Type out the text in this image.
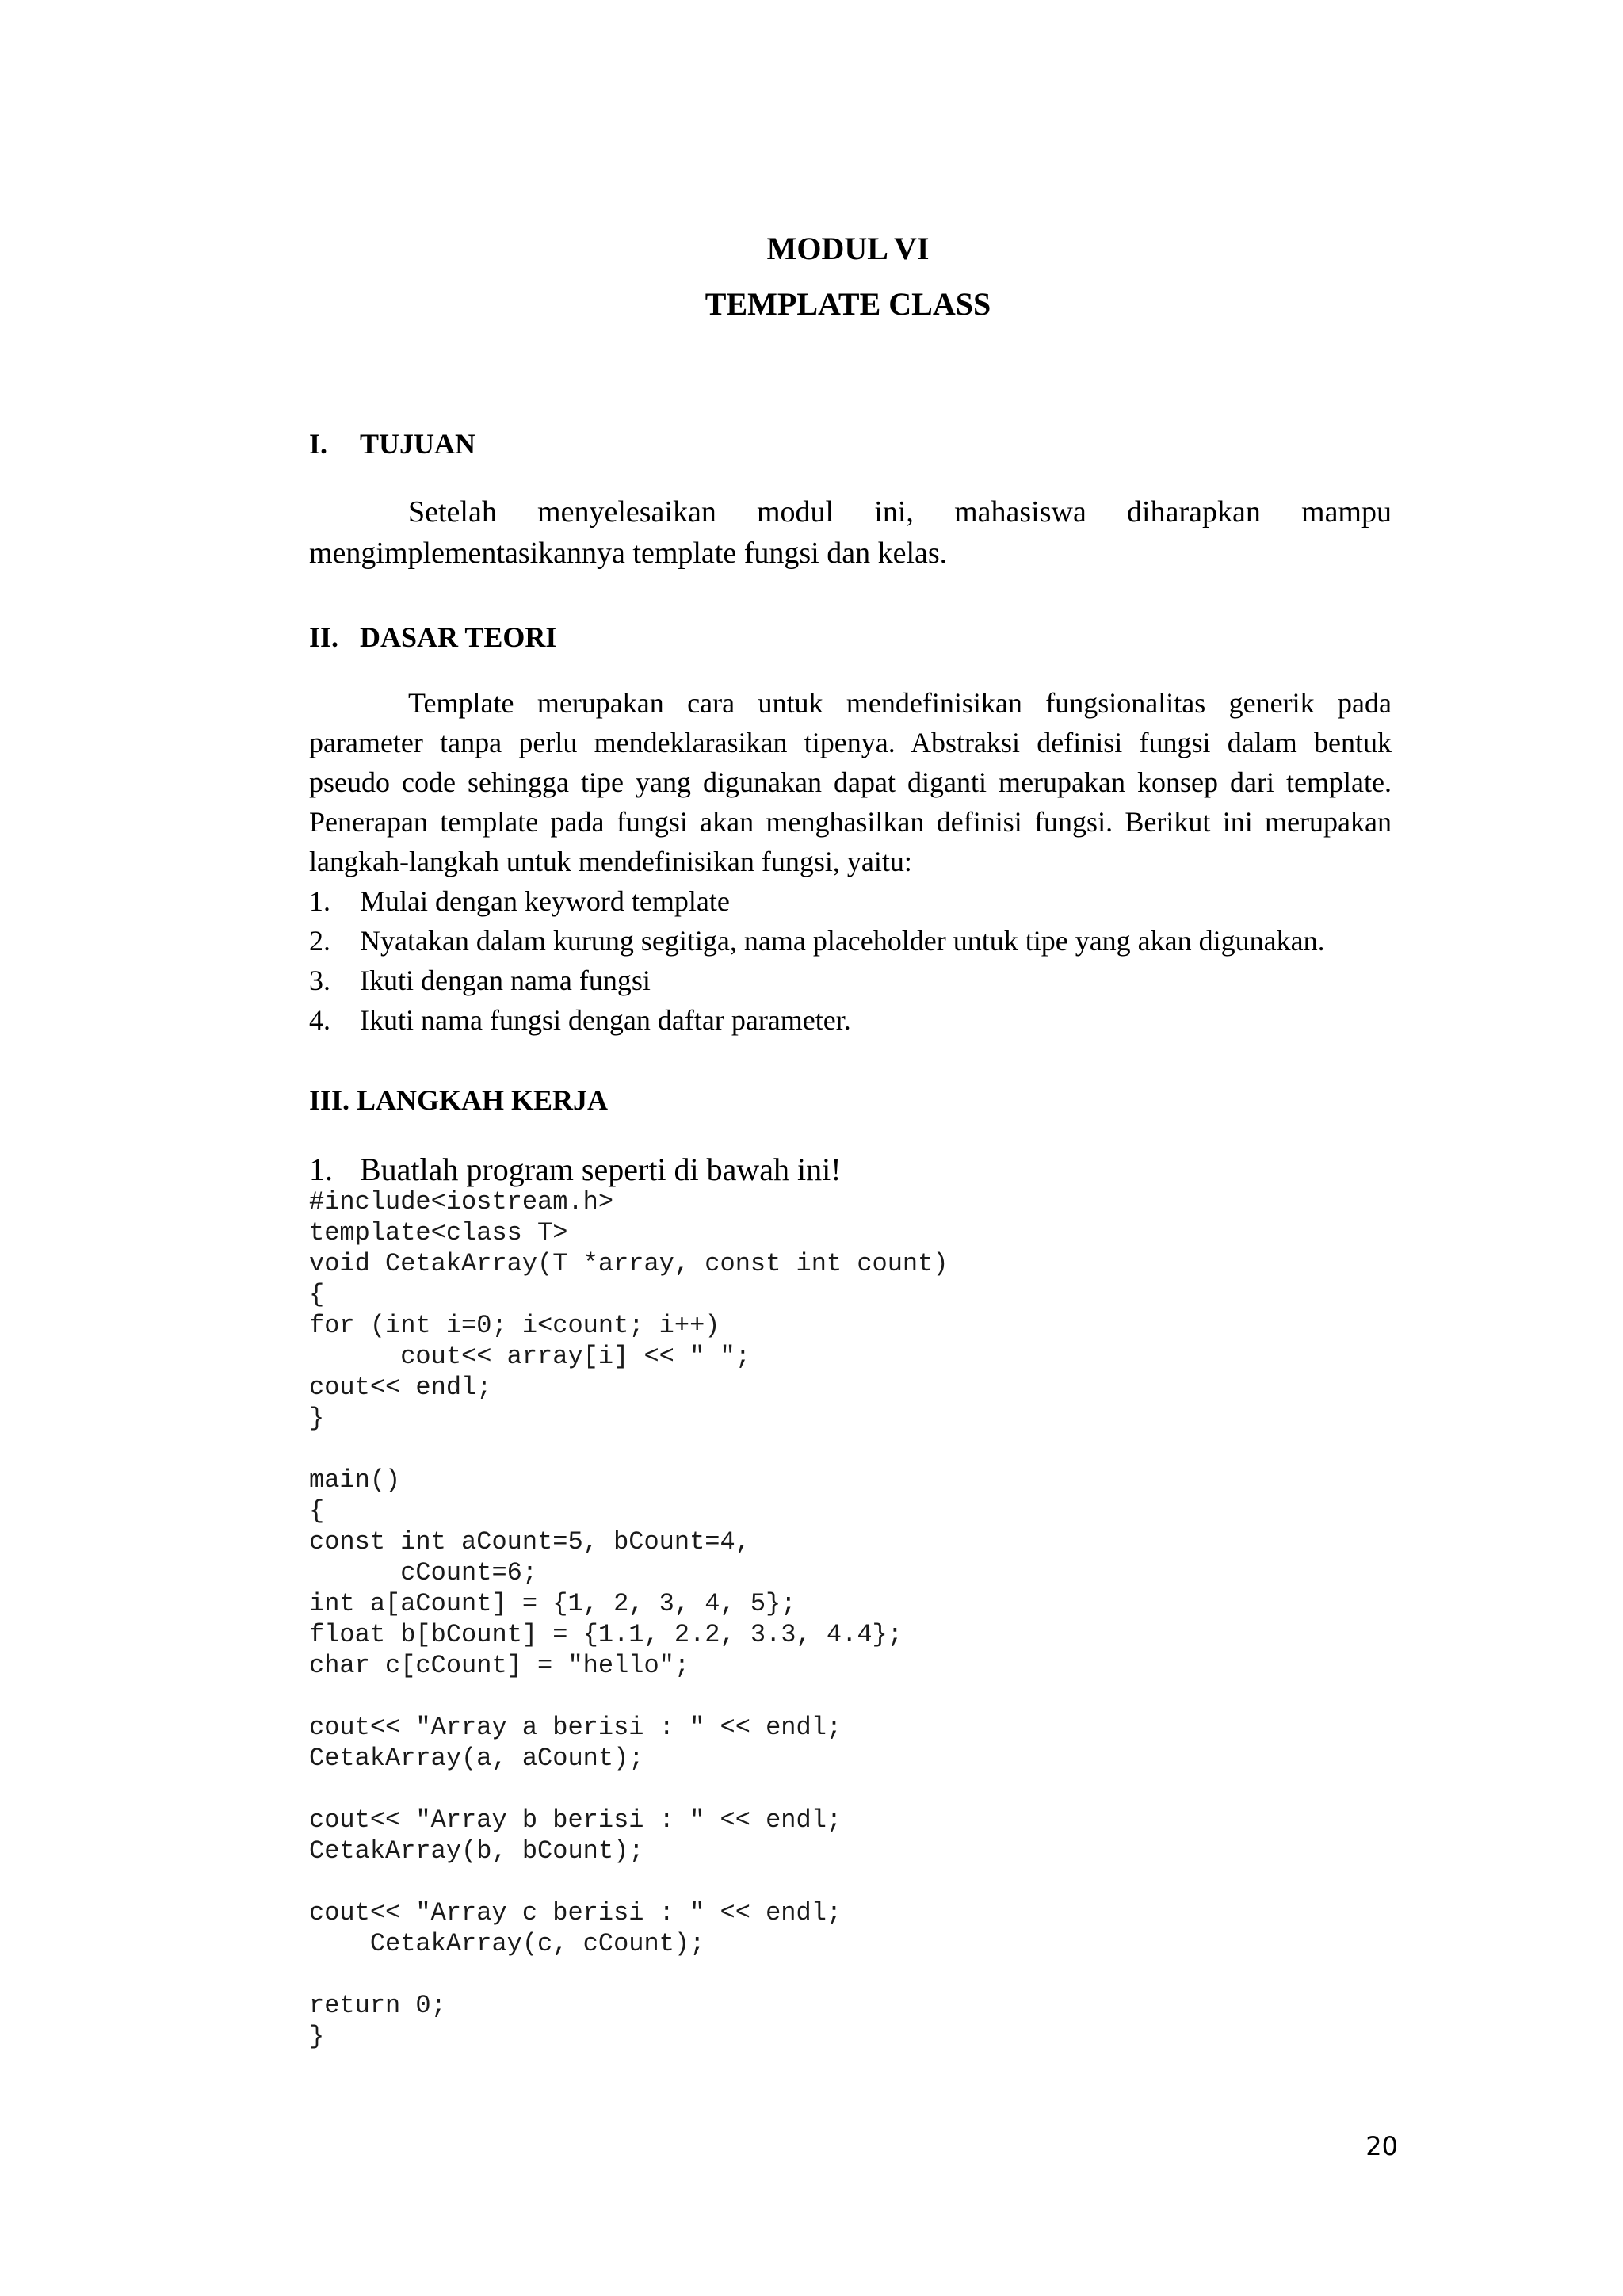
MODUL VI

TEMPLATE CLASS

I. TUJUAN

Setelah menyelesaikan modul ini, mahasiswa diharapkan mampu mengimplementasikannya template fungsi dan kelas.

II. DASAR TEORI

Template merupakan cara untuk mendefinisikan fungsionalitas generik pada parameter tanpa perlu mendeklarasikan tipenya. Abstraksi definisi fungsi dalam bentuk pseudo code sehingga tipe yang digunakan dapat diganti merupakan konsep dari template. Penerapan template pada fungsi akan menghasilkan definisi fungsi. Berikut ini merupakan langkah-langkah untuk mendefinisikan fungsi, yaitu:

1. Mulai dengan keyword template
2. Nyatakan dalam kurung segitiga, nama placeholder untuk tipe yang akan digunakan.
3. Ikuti dengan nama fungsi
4. Ikuti nama fungsi dengan daftar parameter.

III. LANGKAH KERJA

1. Buatlah program seperti di bawah ini!

#include<iostream.h>
template<class T>
void CetakArray(T *array, const int count)
{
for (int i=0; i<count; i++)
cout<< array[i] << " ";
cout<< endl;
}

main()
{
const int aCount=5, bCount=4,
cCount=6;
int a[aCount] = {1, 2, 3, 4, 5};
float b[bCount] = {1.1, 2.2, 3.3, 4.4};
char c[cCount] = "hello";

cout<< "Array a berisi : " << endl;
CetakArray(a, aCount);

cout<< "Array b berisi : " << endl;
CetakArray(b, bCount);

cout<< "Array c berisi : " << endl;
CetakArray(c, cCount);

return 0;
}
20
